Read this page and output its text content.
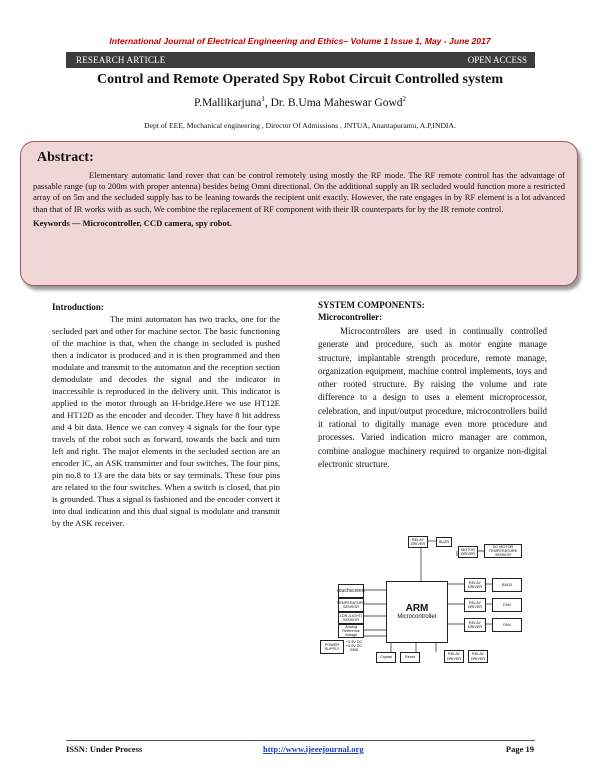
International Journal of Electrical Engineering and Ethics– Volume 1 Issue 1, May - June 2017
RESEARCH ARTICLE	OPEN ACCESS
Control and Remote Operated Spy Robot Circuit Controlled system
P.Mallikarjuna$^1$, Dr. B.Uma Maheswar Gowd$^2$
Dept of EEE, Mechanical engineering , Director Of Admissions , JNTUA, Anantapuramu, A.P,INDIA.
Abstract:

Elementary automatic land rover that can be control remotely using mostly the RF mode. The RF remote control has the advantage of passable range (up to 200m with proper antenna) besides being Omni directional. On the additional supply an IR secluded would function more a restricted array of on 5m and the secluded supply has to be leaning towards the recipient unit exactly. However, the rate engages in by RF element is a lot advanced than that of IR works with as such, We combine the replacement of RF component with their IR counterparts for by the IR remote control.

Keywords — Microcontroller, CCD camera, spy robot.
Introduction:

The mini automaton has two tracks, one for the secluded part and other for machine sector. The basic functioning of the machine is that, when the change in secluded is pushed then a indicator is produced and it is then programmed and then modulate and transmit to the automaton and the reception section demodulate and decodes the signal and the indicator in inaccessible is reproduced in the delivery unit. This indicator is applied to the motor through an H-bridge.Here we use HT12E and HT12D as the encoder and decoder. They have 8 bit address and 4 bit data. Hence we can convey 4 signals for the four type travels of the robot such as forward, towards the back and turn left and right. The major elements in the secluded section are an encoder IC, an ASK transmitter and four switches. The four pins, pin no.8 to 13 are the data bits or say terminals. These four pins are related to the four switches. When a switch is closed, that pin is grounded. Thus a signal is fashioned and the encoder convert it into dual indication and this dual signal is modulate and transmit by the ASK receiver.

SYSTEM COMPONENTS:
Microcontroller:

Microcontrollers are used in continually controlled generate and procedure, such as motor engine manage structure, implantable strength procedure, remote manage, organization equipment, machine control implements, toys and other rooted structure. By raising the volume and rate difference to a design to uses a element microprocessor, celebration, and input/output procedure, microcontrollers build it rational to digitally manage even more procedure and processes. Varied indication micro manager are common, combine analogue machinery required to organize non-digital electronic structure.

RELAY DRIVER
BUZR
MOTOR DRIVER
DC MOTOR TEMPERATURE SENSOR
touchscreen
TEMPERATURE SENSOR
LDR (LIGHT) SENSOR
Analog Reference Voltage
ARM
Microcontroller
RELAY DRIVER
BULB
RELAY DRIVER
FAN
RELAY DRIVER
FAN
POWER SUPPLY
+3.3V DC +5.0V DC GND
Crystal	Reset
RELAY DRIVER
RELAY DRIVER
ISSN: Under Process	http://www.ijeeejournal.org	Page 19
